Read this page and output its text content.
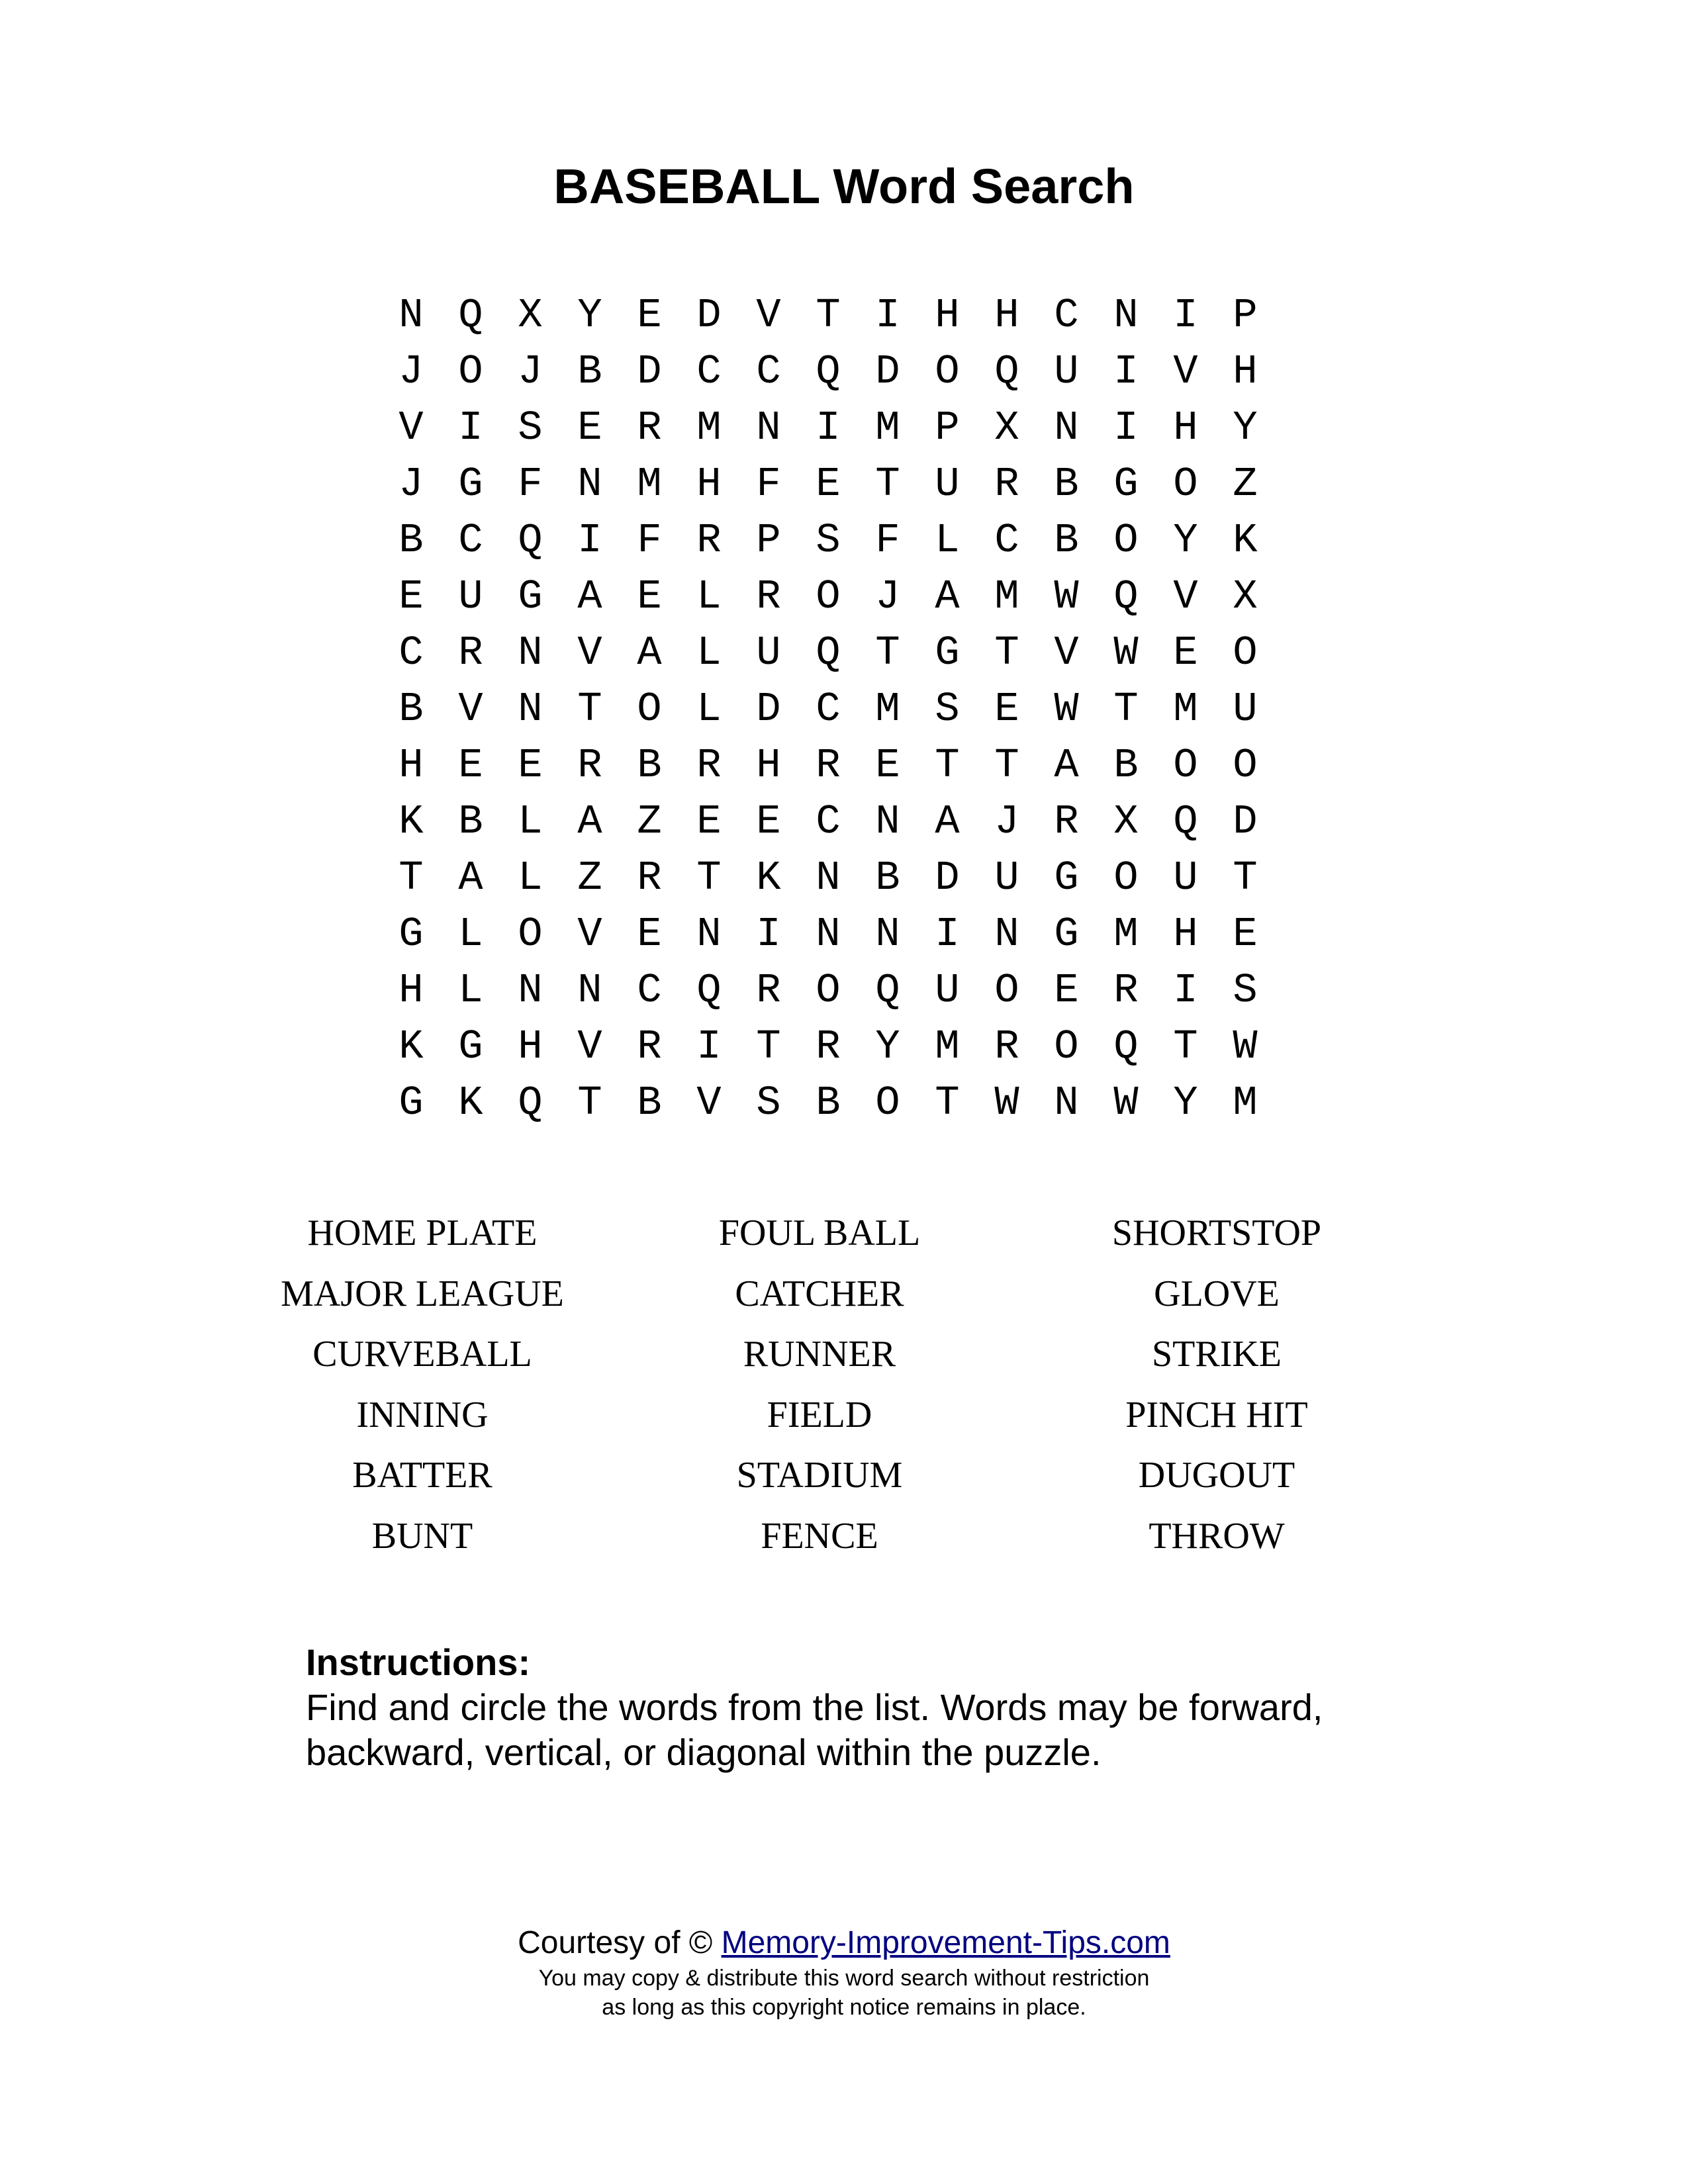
BASEBALL Word Search
N Q X Y E D V T I H H C N I P
J O J B D C C Q D O Q U I V H
V I S E R M N I M P X N I H Y
J G F N M H F E T U R B G O Z
B C Q I F R P S F L C B O Y K
E U G A E L R O J A M W Q V X
C R N V A L U Q T G T V W E O
B V N T O L D C M S E W T M U
H E E R B R H R E T T A B O O
K B L A Z E E C N A J R X Q D
T A L Z R T K N B D U G O U T
G L O V E N I N N I N G M H E
H L N N C Q R O Q U O E R I S
K G H V R I T R Y M R O Q T W
G K Q T B V S B O T W N W Y M
HOME PLATE	FOUL BALL	SHORTSTOP
MAJOR LEAGUE	CATCHER	GLOVE
CURVEBALL	RUNNER	STRIKE
INNING	FIELD	PINCH HIT
BATTER	STADIUM	DUGOUT
BUNT	FENCE	THROW
Instructions:
Find and circle the words from the list. Words may be forward,
backward, vertical, or diagonal within the puzzle.
Courtesy of © Memory-Improvement-Tips.com
You may copy & distribute this word search without restriction
as long as this copyright notice remains in place.
